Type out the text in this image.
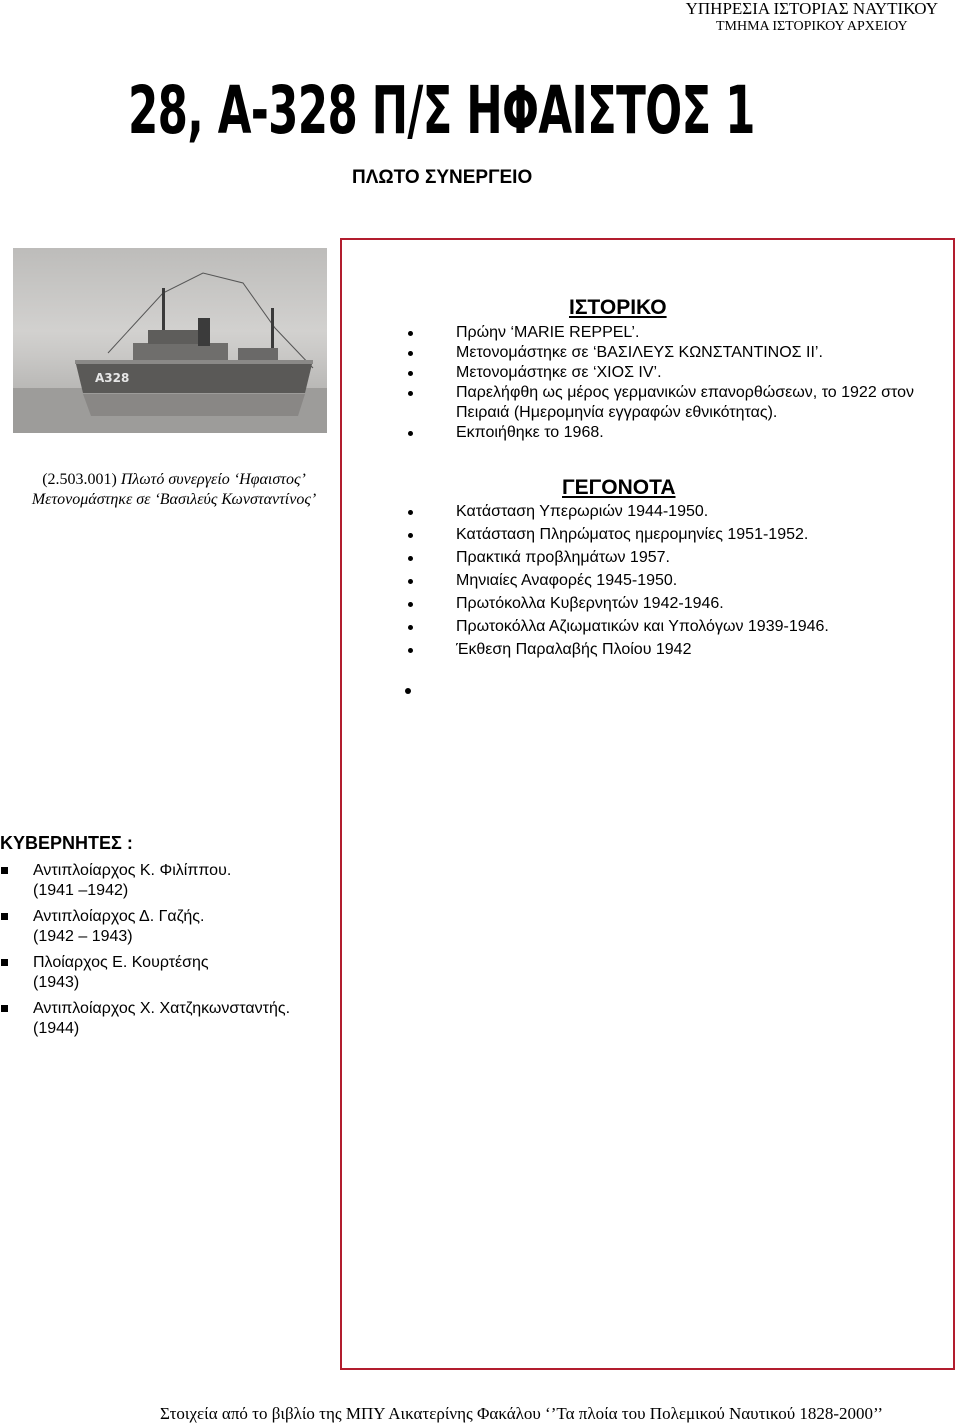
ΥΠΗΡΕΣΙΑ ΙΣΤΟΡΙΑΣ ΝΑΥΤΙΚΟΥ
ΤΜΗΜΑ ΙΣΤΟΡΙΚΟΥ ΑΡΧΕΙΟΥ
28, Α-328 Π/Σ ΗΦΑΙΣΤΟΣ 1
ΠΛΩΤΟ ΣΥΝΕΡΓΕΙΟ
A328
(2.503.001) Πλωτό συνεργείο ‘Ηφαιστος’
Μετονομάστηκε σε ‘Βασιλεύς Κωνσταντίνος’
ΙΣΤΟΡΙΚΟ
Πρώην ‘MARIE REPPEL’.
Μετονομάστηκε σε ‘ΒΑΣΙΛΕΥΣ ΚΩΝΣΤΑΝΤΙΝΟΣ ΙΙ’.
Μετονομάστηκε σε ‘ΧΙΟΣ IV’.
Παρελήφθη ως μέρος γερμανικών επανορθώσεων, το 1922 στον Πειραιά (Ημερομηνία εγγραφών εθνικότητας).
Εκποιήθηκε το 1968.
ΓΕΓΟΝΟΤΑ
Κατάσταση Υπερωριών 1944-1950.
Κατάσταση Πληρώματος ημερομηνίες 1951-1952.
Πρακτικά προβλημάτων 1957.
Μηνιαίες Αναφορές 1945-1950.
Πρωτόκολλα Κυβερνητών 1942-1946.
Πρωτοκόλλα Αζιωματικών και Υπολόγων 1939-1946.
Έκθεση Παραλαβής Πλοίου 1942
ΚΥΒΕΡΝΗΤΕΣ :
Αντιπλοίαρχος Κ. Φιλίππου.
(1941 –1942)
Αντιπλοίαρχος Δ. Γαζής.
(1942 – 1943)
Πλοίαρχος Ε. Κουρτέσης
(1943)
Αντιπλοίαρχος Χ. Χατζηκωνσταντής.
(1944)
Στοιχεία από το βιβλίο της ΜΠΥ Αικατερίνης Φακάλου ‘’Τα πλοία του Πολεμικού Ναυτικού 1828-2000’’
